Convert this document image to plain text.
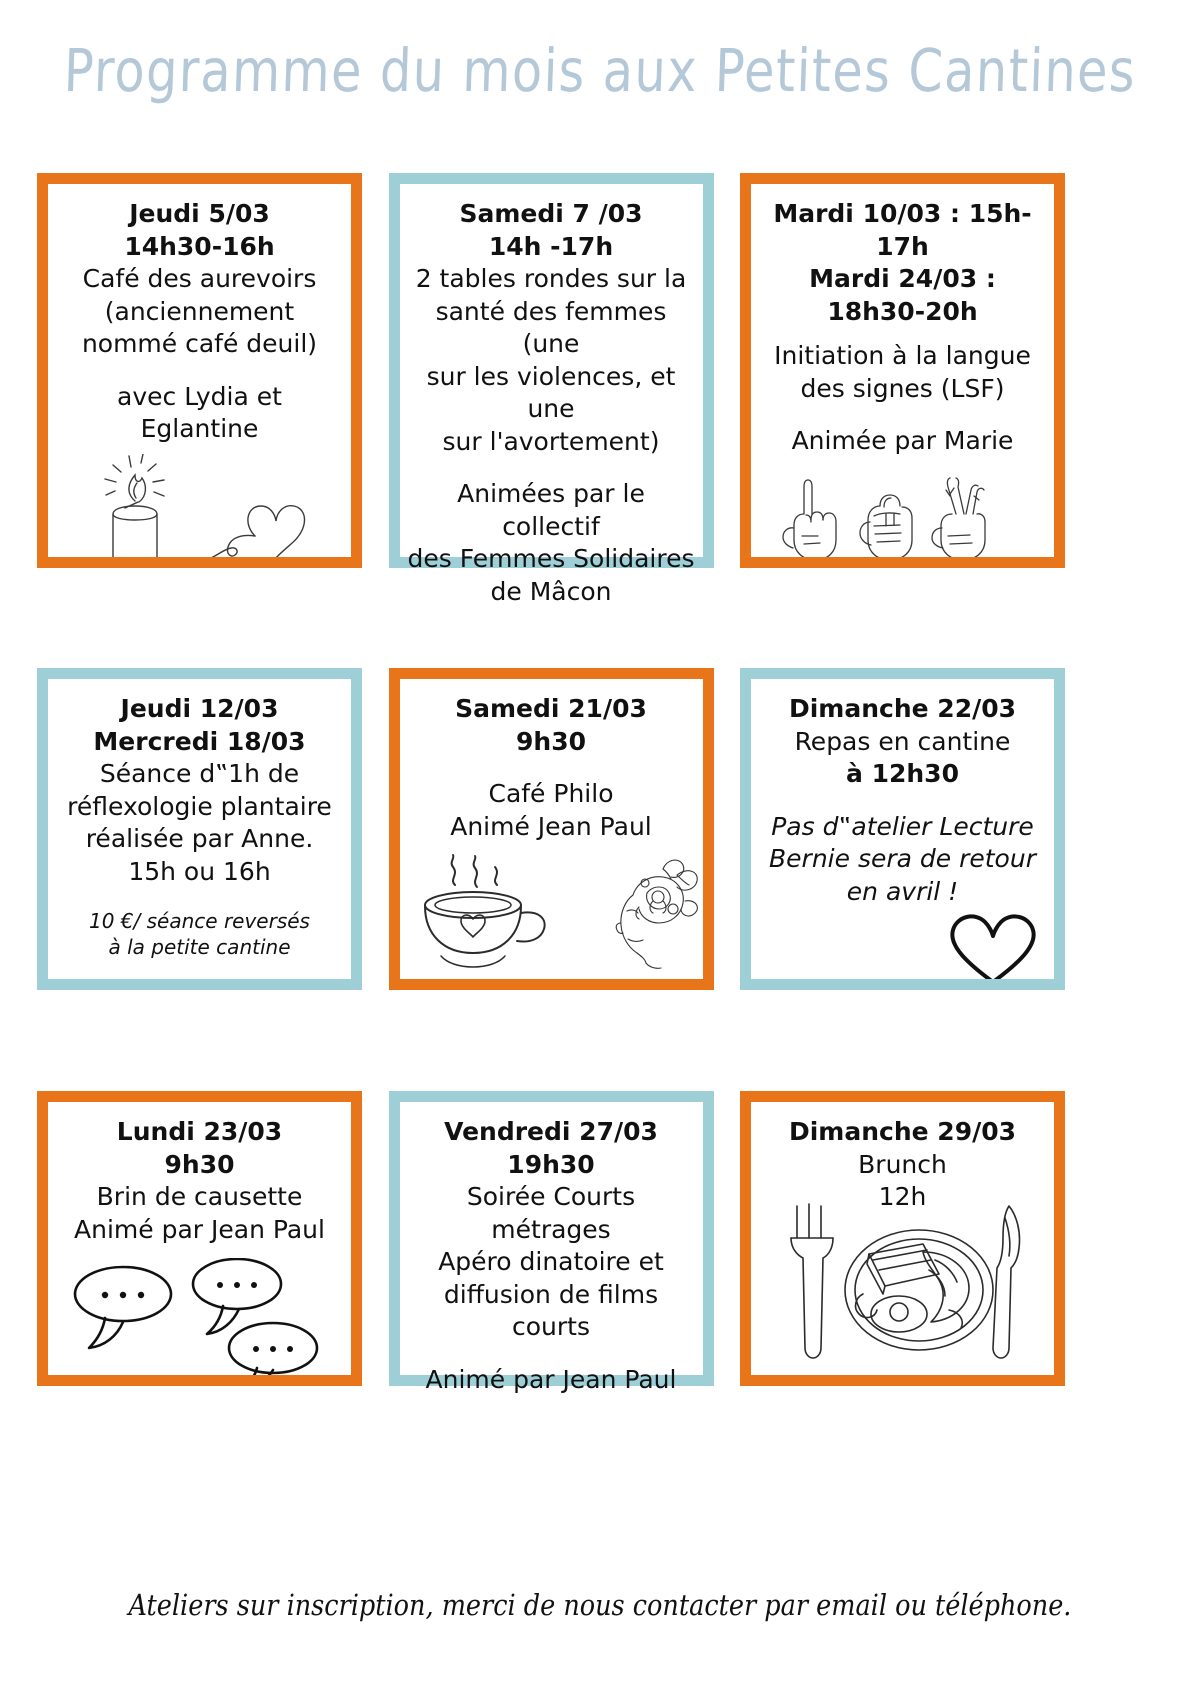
Programme du mois aux Petites Cantines
Jeudi 5/03
14h30-16h
Café des aurevoirs
(anciennement
nommé café deuil)
avec Lydia et Eglantine
Samedi 7 /03
14h -17h
2 tables rondes sur la
santé des femmes (une
sur les violences, et une
sur l'avortement)
Animées par le collectif
des Femmes Solidaires
de Mâcon
Mardi 10/03 : 15h-17h
Mardi 24/03 :
18h30-20h
Initiation à la langue
des signes (LSF)
Animée par Marie
Jeudi 12/03
Mercredi 18/03
Séance d‟1h de
réflexologie plantaire
réalisée par Anne.
15h ou 16h
10 €/ séance reversés
à la petite cantine
Samedi 21/03
9h30
Café Philo
Animé Jean Paul
Dimanche 22/03
Repas en cantine
à 12h30
Pas d‟atelier Lecture
Bernie sera de retour
en avril !
Lundi 23/03
9h30
Brin de causette
Animé par Jean Paul
Vendredi 27/03
19h30
Soirée Courts métrages
Apéro dinatoire et
diffusion de films courts
Animé par Jean Paul
Dimanche 29/03
Brunch
12h
Ateliers sur inscription, merci de nous contacter par email ou téléphone.
